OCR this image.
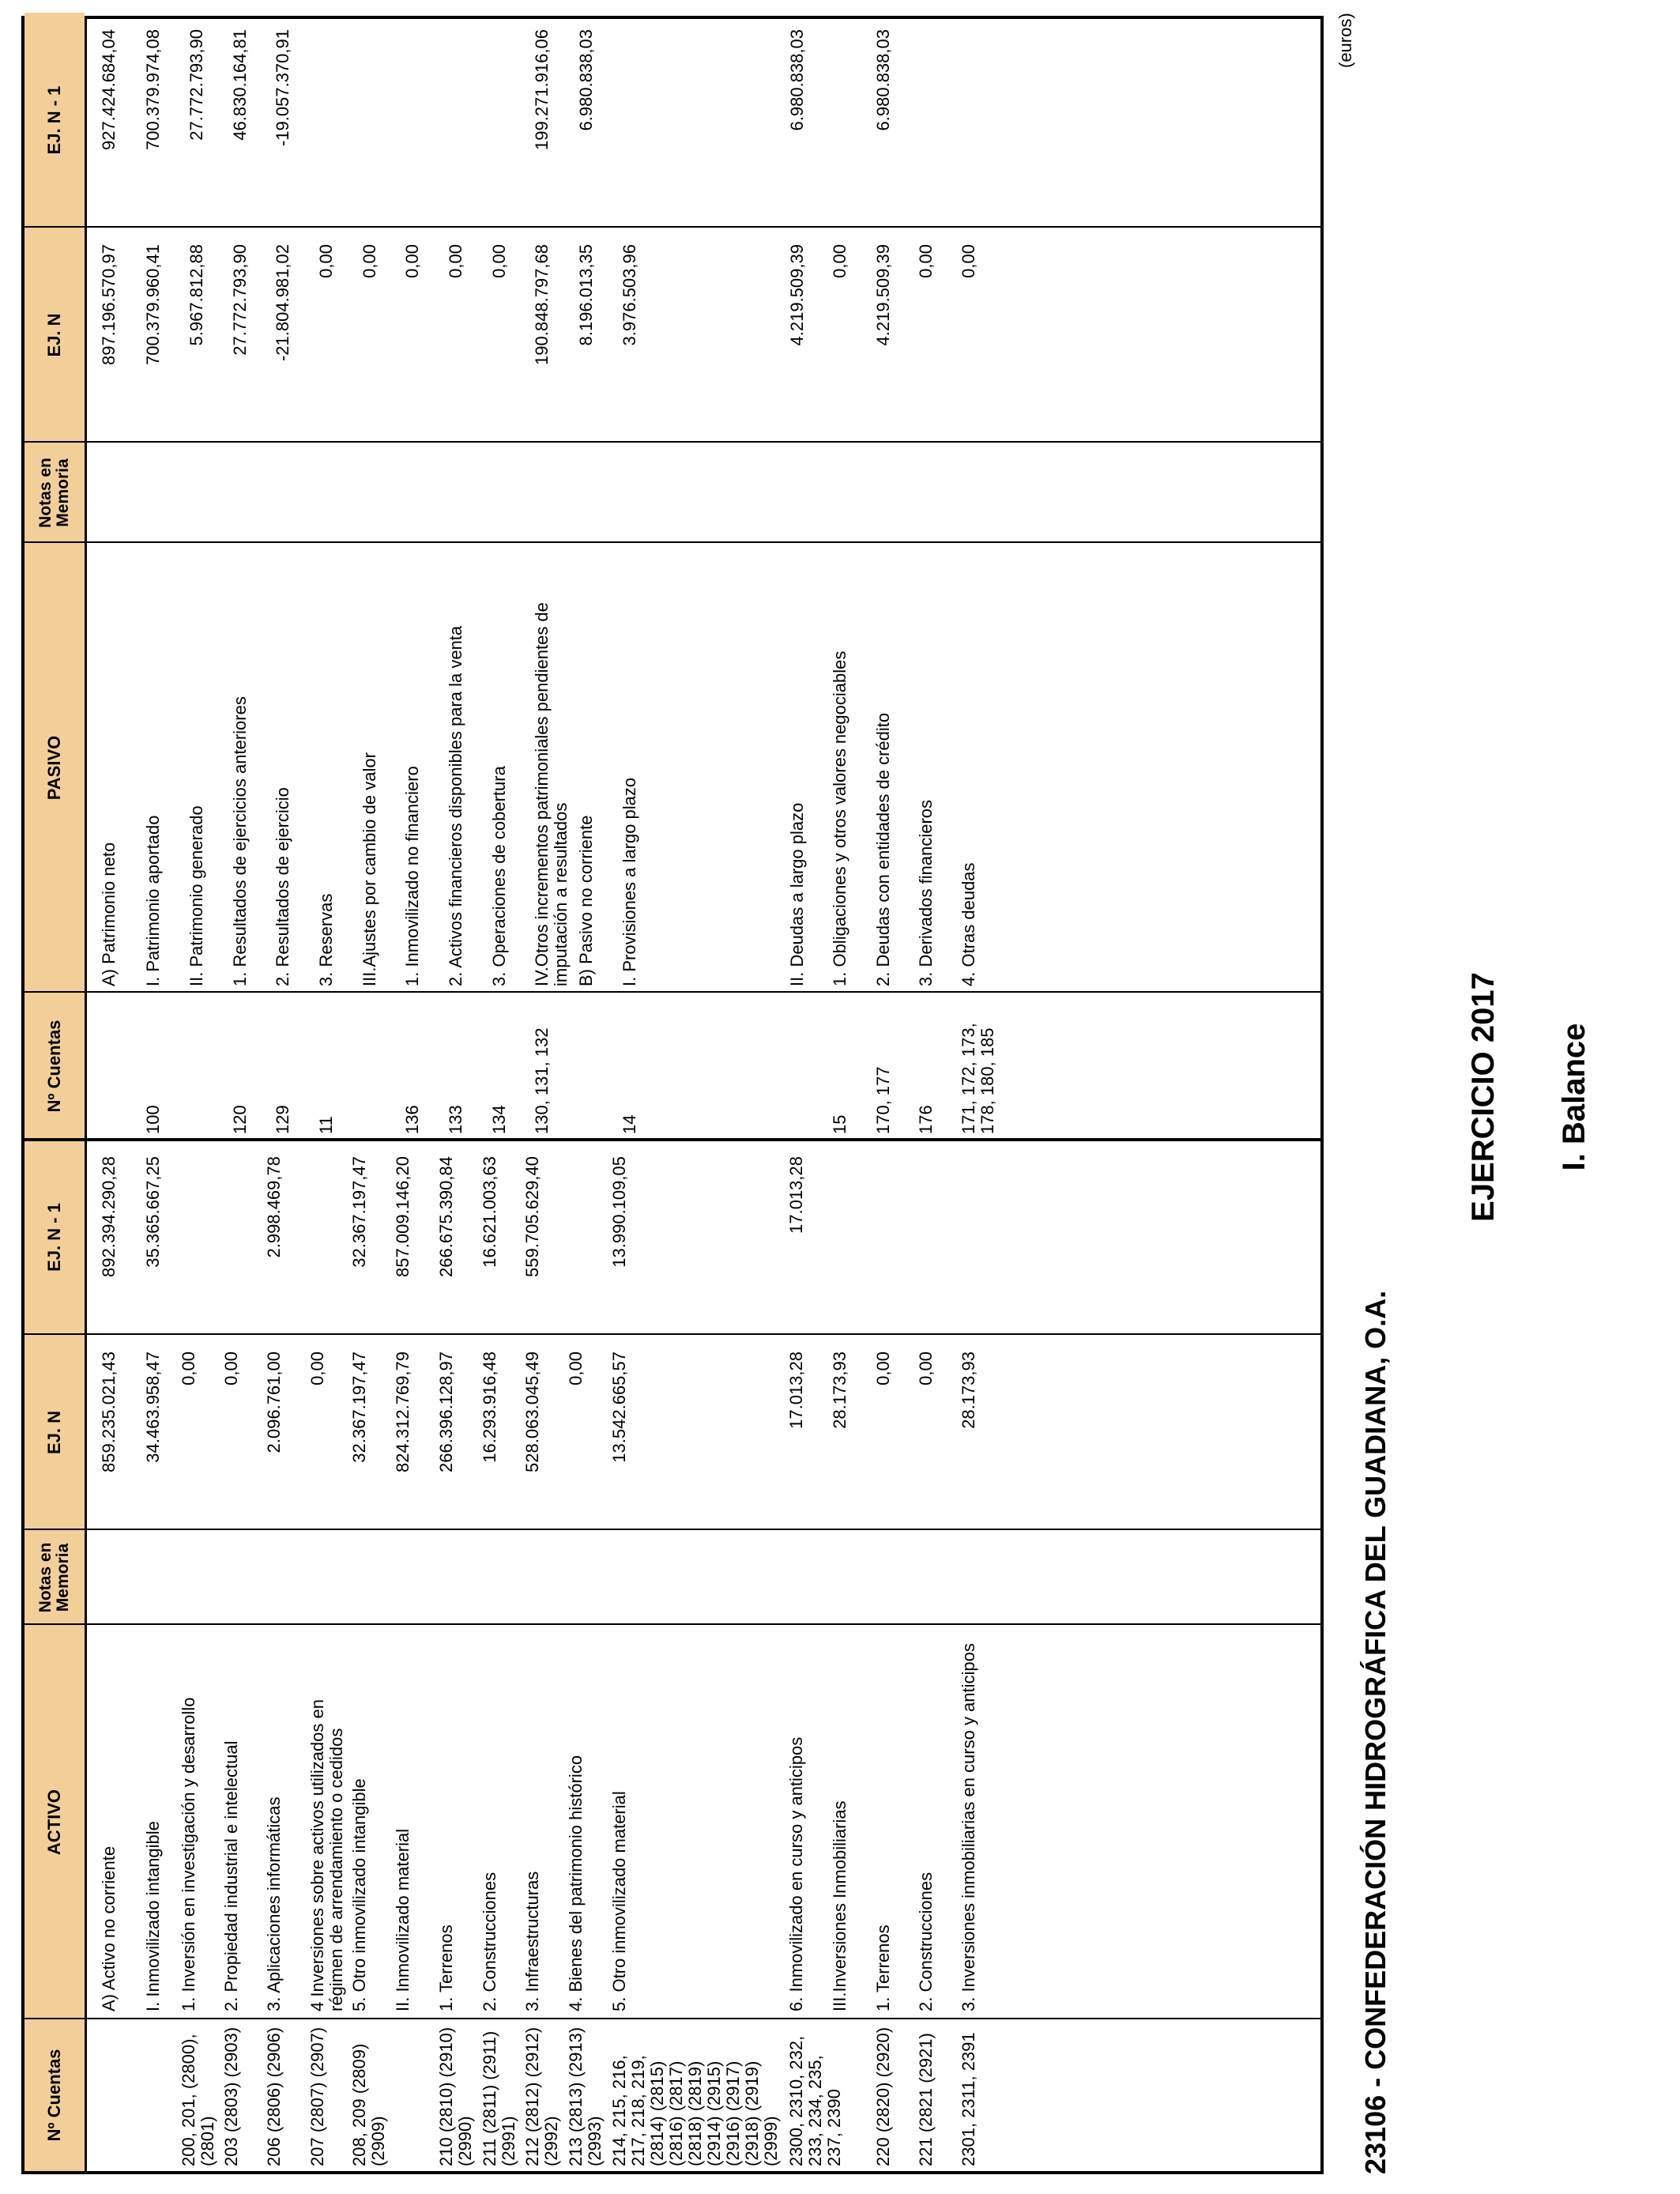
I. Balance
EJERCICIO 2017
23106 - CONFEDERACIÓN HIDROGRÁFICA DEL GUADIANA, O.A.
(euros)
Nº Cuentas
ACTIVO
Notas en Memoria
EJ. N
EJ. N - 1
Nº Cuentas
PASIVO
Notas en Memoria
EJ. N
EJ. N - 1
A) Activo no corriente
859.235.021,43
892.394.290,28
I. Inmovilizado intangible
34.463.958,47
35.365.667,25
200, 201, (2800), (2801)
1. Inversión en investigación y desarrollo
0,00
203 (2803) (2903)
2. Propiedad industrial e intelectual
0,00
206 (2806) (2906)
3. Aplicaciones informáticas
2.096.761,00
2.998.469,78
207 (2807) (2907)
4 Inversiones sobre activos utilizados en régimen de arrendamiento o cedidos
0,00
208, 209 (2809) (2909)
5. Otro inmovilizado intangible
32.367.197,47
32.367.197,47
II. Inmovilizado material
824.312.769,79
857.009.146,20
210 (2810) (2910) (2990)
1. Terrenos
266.396.128,97
266.675.390,84
211 (2811) (2911) (2991)
2. Construcciones
16.293.916,48
16.621.003,63
212 (2812) (2912) (2992)
3. Infraestructuras
528.063.045,49
559.705.629,40
213 (2813) (2913) (2993)
4. Bienes del patrimonio histórico
0,00
214, 215, 216, 217, 218, 219, (2814) (2815) (2816) (2817) (2818) (2819) (2914) (2915) (2916) (2917) (2918) (2919) (2999)
5. Otro inmovilizado material
13.542.665,57
13.990.109,05
2300, 2310, 232, 233, 234, 235, 237, 2390
6. Inmovilizado en curso y anticipos
17.013,28
17.013,28
III.Inversiones Inmobiliarias
28.173,93
220 (2820) (2920)
1. Terrenos
0,00
221 (2821 (2921)
2. Construcciones
0,00
2301, 2311, 2391
3. Inversiones inmobiliarias en curso y anticipos
28.173,93
A) Patrimonio neto
897.196.570,97
927.424.684,04
100
I. Patrimonio aportado
700.379.960,41
700.379.974,08
II. Patrimonio generado
5.967.812,88
27.772.793,90
120
1. Resultados de ejercicios anteriores
27.772.793,90
46.830.164,81
129
2. Resultados de ejercicio
-21.804.981,02
-19.057.370,91
11
3. Reservas
0,00
III.Ajustes por cambio de valor
0,00
136
1. Inmovilizado no financiero
0,00
133
2. Activos financieros disponibles para la venta
0,00
134
3. Operaciones de cobertura
0,00
130, 131, 132
IV.Otros incrementos patrimoniales pendientes de imputación a resultados
190.848.797,68
199.271.916,06
B) Pasivo no corriente
8.196.013,35
6.980.838,03
14
I. Provisiones a largo plazo
3.976.503,96
II. Deudas a largo plazo
4.219.509,39
6.980.838,03
15
1. Obligaciones y otros valores negociables
0,00
170, 177
2. Deudas con entidades de crédito
4.219.509,39
6.980.838,03
176
3. Derivados financieros
0,00
171, 172, 173, 178, 180, 185
4. Otras deudas
0,00
